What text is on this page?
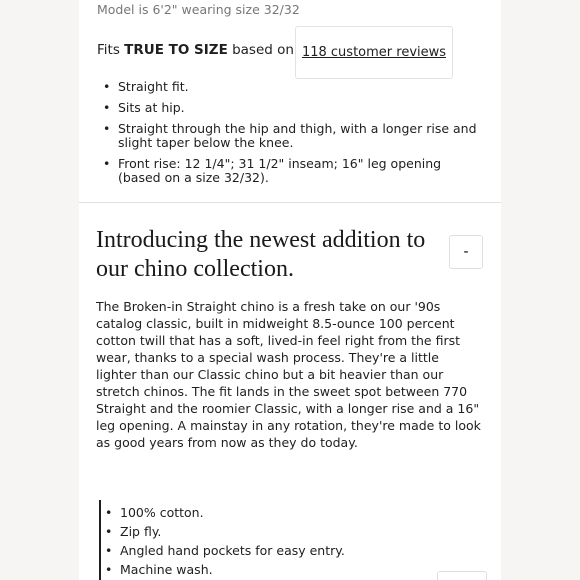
Model is 6'2" wearing size 32/32
Fits TRUE TO SIZE based on 118 customer reviews
• Straight fit.
• Sits at hip.
• Straight through the hip and thigh, with a longer rise and slight taper below the knee.
• Front rise: 12 1/4"; 31 1/2" inseam; 16" leg opening (based on a size 32/32).
Introducing the newest addition to our chino collection.
-

The Broken-in Straight chino is a fresh take on our '90s catalog classic, built in midweight 8.5-ounce 100 percent cotton twill that has a soft, lived-in feel right from the first wear, thanks to a special wash process. They're a little lighter than our Classic chino but a bit heavier than our stretch chinos. The fit lands in the sweet spot between 770 Straight and the roomier Classic, with a longer rise and a 16" leg opening. A mainstay in any rotation, they're made to look as good years from now as they do today.

• 100% cotton.
• Zip fly.
• Angled hand pockets for easy entry.
• Machine wash.
